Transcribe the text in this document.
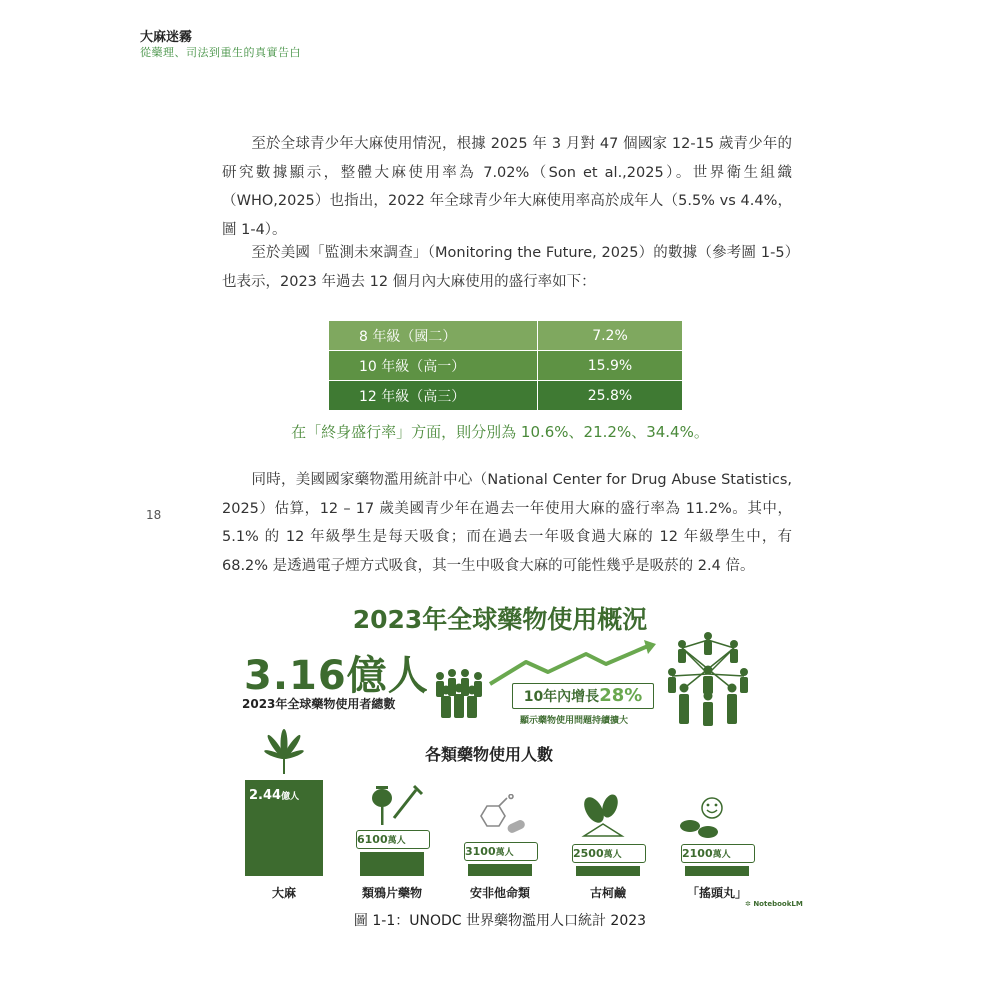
大麻迷霧
從藥理、司法到重生的真實告白
18
　　至於全球青少年大麻使用情況，根據 2025 年 3 月對 47 個國家 12-15 歲青少年的研究數據顯示，整體大麻使用率為 7.02%（Son et al.,2025）。世界衛生組織（WHO,2025）也指出，2022 年全球青少年大麻使用率高於成年人（5.5% vs 4.4%，圖 1-4）。
　　至於美國「監測未來調查」（Monitoring the Future, 2025）的數據（參考圖 1-5）也表示，2023 年過去 12 個月內大麻使用的盛行率如下：
8 年級（國二）	7.2%
10 年級（高一）	15.9%
12 年級（高三）	25.8%
在「終身盛行率」方面，則分別為 10.6%、21.2%、34.4%。
　　同時，美國國家藥物濫用統計中心（National Center for Drug Abuse Statistics, 2025）估算，12 – 17 歲美國青少年在過去一年使用大麻的盛行率為 11.2%。其中，5.1% 的 12 年級學生是每天吸食；而在過去一年吸食過大麻的 12 年級學生中，有 68.2% 是透過電子煙方式吸食，其一生中吸食大麻的可能性幾乎是吸菸的 2.4 倍。
2023年全球藥物使用概況
3.16億人
2023年全球藥物使用者總數	10年內增長28%
顯示藥物使用問題持續擴大
各類藥物使用人數
2.44億人
6100萬人
3100萬人	2500萬人	2100萬人
大麻	類鴉片藥物	安非他命類	古柯鹼	「搖頭丸」
✲ NotebookLM
圖 1-1：UNODC 世界藥物濫用人口統計 2023
